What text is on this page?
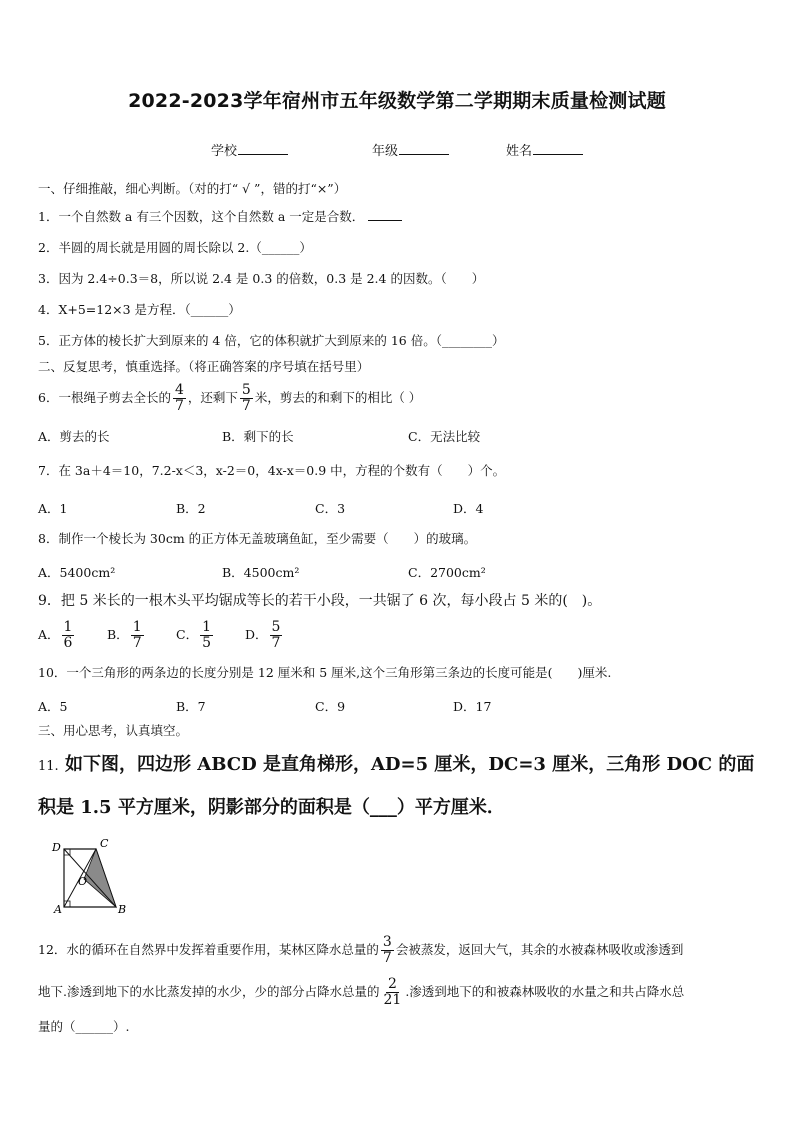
2022-2023学年宿州市五年级数学第二学期期末质量检测试题
学校	年级	姓名
一、仔细推敲，细心判断。（对的打“ √ ”，错的打“×”）
1．一个自然数 a 有三个因数，这个自然数 a 一定是合数．
2．半圆的周长就是用圆的周长除以 2.（______）
3．因为 2.4÷0.3＝8，所以说 2.4 是 0.3 的倍数，0.3 是 2.4 的因数。（　　）
4．X+5=12×3 是方程．（______）
5．正方体的棱长扩大到原来的 4 倍，它的体积就扩大到原来的 16 倍。（________）
二、反复思考，慎重选择。（将正确答案的序号填在括号里）
6．一根绳子剪去全长的 $\frac{4}{7}$ ，还剩下 $\frac{5}{7}$ 米，剪去的和剩下的相比（ ）
A．剪去的长	B．剩下的长	C．无法比较
7．在 3a＋4＝10，7.2-x＜3，x-2＝0，4x-x＝0.9 中，方程的个数有（　　）个。
A．1	B．2	C．3	D．4
8．制作一个棱长为 30cm 的正方体无盖玻璃鱼缸，至少需要（　　）的玻璃。
A．5400cm²	B．4500cm²	C．2700cm²
9．把 5 米长的一根木头平均锯成等长的若干小段，一共锯了 6 次，每小段占 5 米的(　)。
A． $\frac{1}{6}$	B． $\frac{1}{7}$	C． $\frac{1}{5}$	D． $\frac{5}{7}$
10．一个三角形的两条边的长度分别是 12 厘米和 5 厘米,这个三角形第三条边的长度可能是(　　)厘米.
A．5	B．7	C．9	D．17
三、用心思考，认真填空。
11. 如下图，四边形 ABCD 是直角梯形，AD=5 厘米，DC=3 厘米，三角形 DOC 的面
积是 1.5 平方厘米，阴影部分的面积是（___）平方厘米．
D	C
O
A	B
12．水的循环在自然界中发挥着重要作用，某林区降水总量的 $\frac{3}{7}$ 会被蒸发，返回大气，其余的水被森林吸收或渗透到
地下.渗透到地下的水比蒸发掉的水少，少的部分占降水总量的 $\frac{2}{21}$ .渗透到地下的和被森林吸收的水量之和共占降水总
量的（______）.
